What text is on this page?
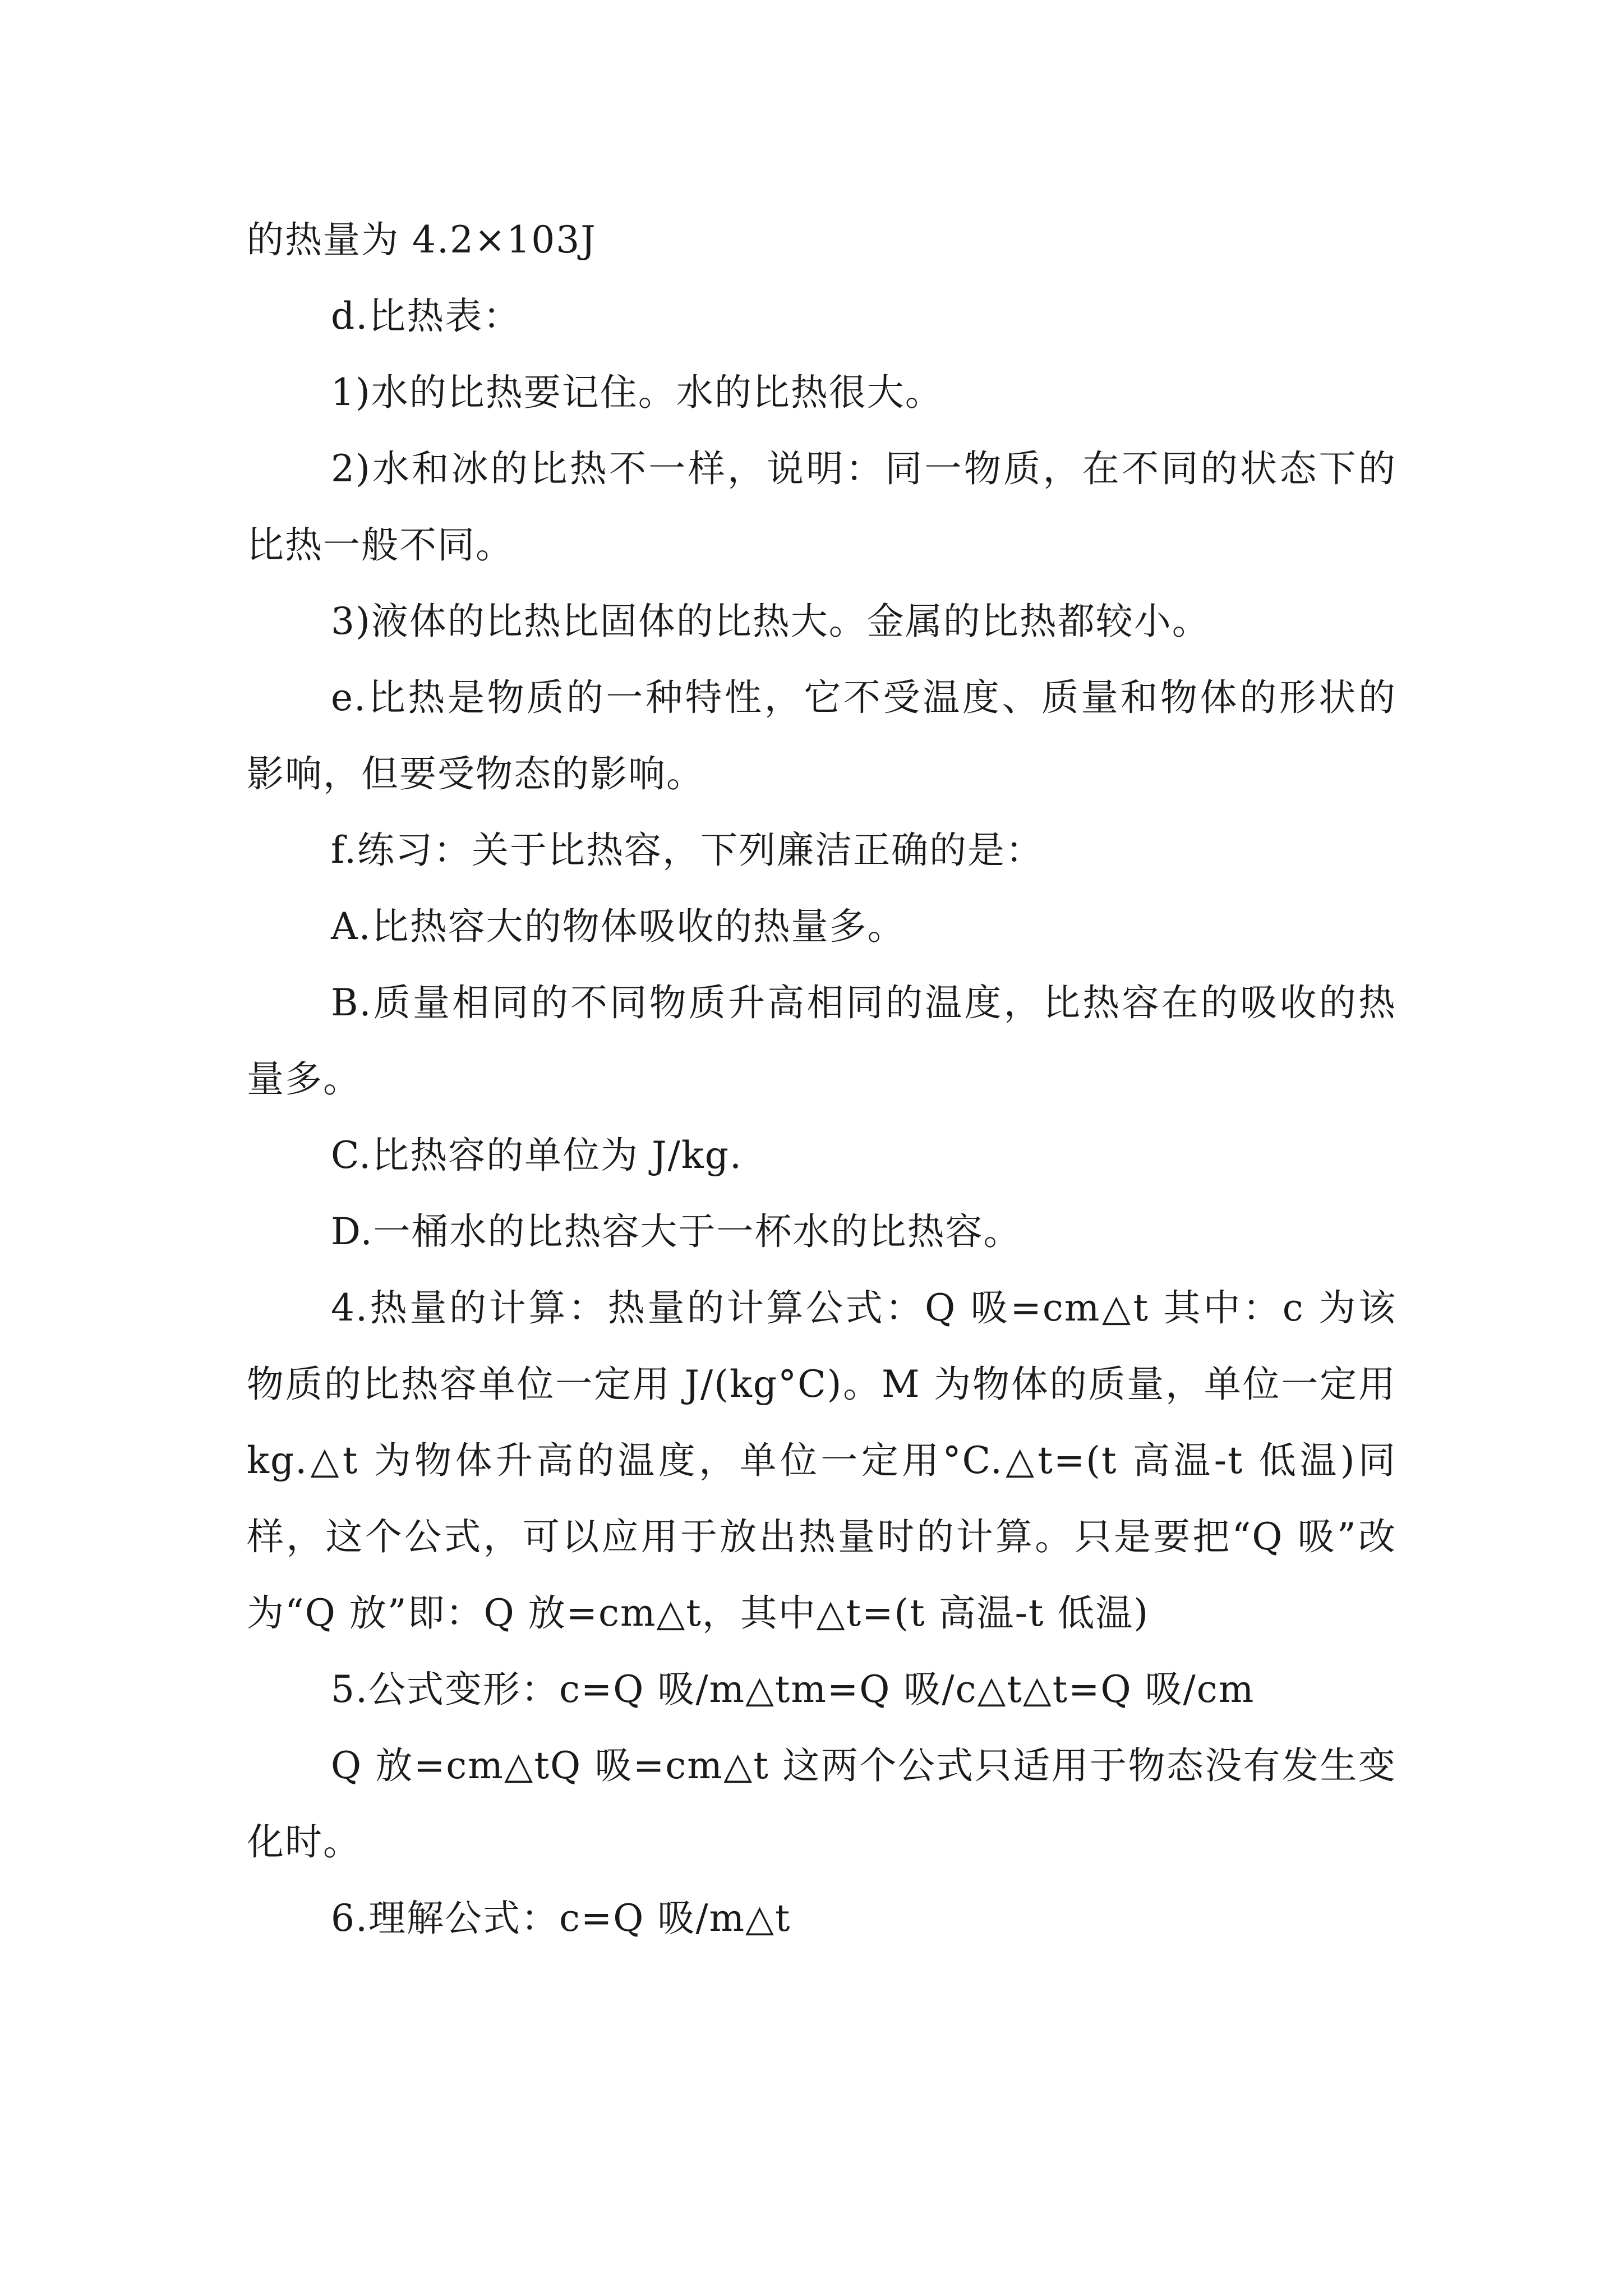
的热量为 4.2×103J

d.比热表：

1)水的比热要记住。水的比热很大。

2)水和冰的比热不一样，说明：同一物质，在不同的状态下的比热一般不同。

3)液体的比热比固体的比热大。金属的比热都较小。

e.比热是物质的一种特性，它不受温度、质量和物体的形状的影响，但要受物态的影响。

f.练习：关于比热容，下列廉洁正确的是：

A.比热容大的物体吸收的热量多。

B.质量相同的不同物质升高相同的温度，比热容在的吸收的热量多。

C.比热容的单位为 J/kg.

D.一桶水的比热容大于一杯水的比热容。

4.热量的计算：热量的计算公式：Q 吸=cm△t 其中：c 为该物质的比热容单位一定用 J/(kg°C)。M 为物体的质量，单位一定用 kg.△t 为物体升高的温度，单位一定用°C.△t=(t 高温-t 低温)同样，这个公式，可以应用于放出热量时的计算。只是要把“Q 吸”改为“Q 放”即：Q 放=cm△t，其中△t=(t 高温-t 低温)

5.公式变形：c=Q 吸/m△tm=Q 吸/c△t△t=Q 吸/cm

Q 放=cm△tQ 吸=cm△t 这两个公式只适用于物态没有发生变化时。

6.理解公式：c=Q 吸/m△t
